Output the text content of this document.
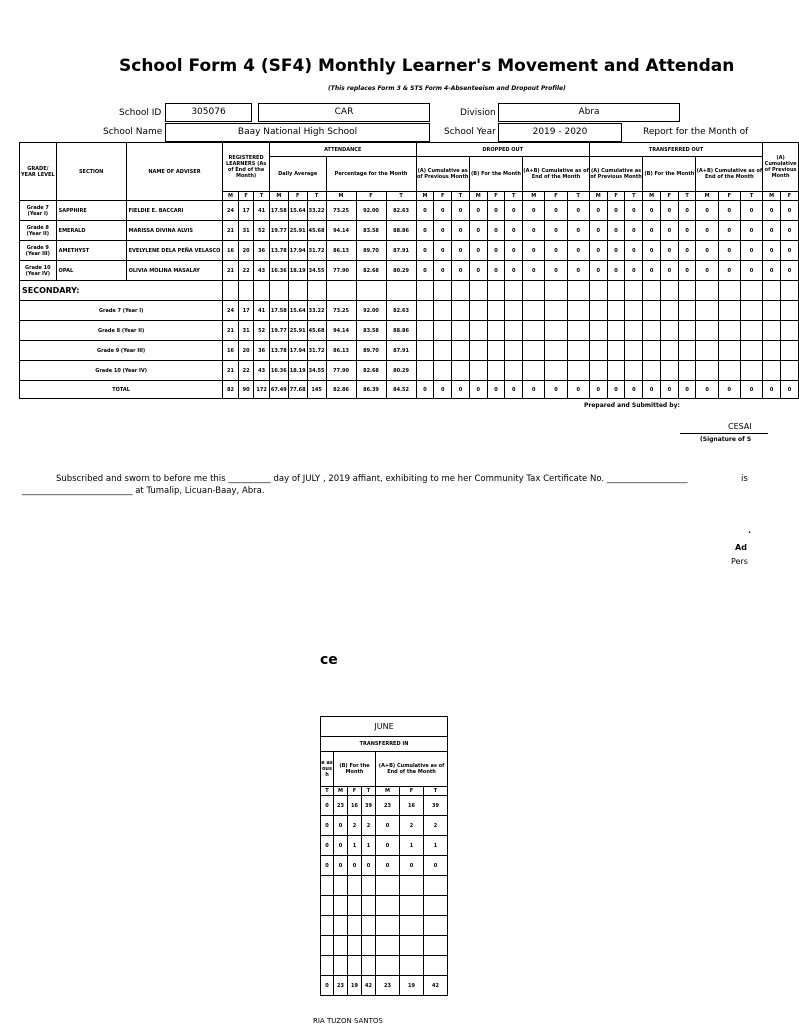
School Form 4 (SF4) Monthly Learner's Movement and Attendan
(This replaces Form 3 & STS Form 4-Absenteeism and Dropout Profile)
School ID	305076	CAR	Division	Abra
School Name	Baay National High School	School Year	2019 - 2020	Report for the Month of
GRADE/ YEAR LEVEL	SECTION	NAME OF ADVISER	REGISTERED LEARNERS (As of End of the Month)			ATTENDANCE						DROPPED OUT									TRANSFERRED OUT									(A) Cumulative of Previous Month	
						Daily Average			Percentage for the Month			(A) Cumulative as of Previous Month			(B) For the Month			(A+B) Cumulative as of End of the Month			(A) Cumulative as of Previous Month			(B) For the Month			(A+B) Cumulative as of End of the Month				
			M	F	T	M	F	T	M	F	T	M	F	T	M	F	T	M	F	T	M	F	T	M	F	T	M	F	T	M	F
Grade 7 (Year I)	SAPPHIRE	FIELDIE E. BACCARI	24	17	41	17.58	15.64	33.22	73.25	92.00	82.63	0	0	0	0	0	0	0	0	0	0	0	0	0	0	0	0	0	0	0	0
Grade 8 (Year II)	EMERALD	MARISSA DIVINA ALVIS	21	31	52	19.77	25.91	45.68	94.14	83.58	88.86	0	0	0	0	0	0	0	0	0	0	0	0	0	0	0	0	0	0	0	0
Grade 9 (Year III)	AMETHYST	EVELYLENE DELA PEÑA VELASCO	16	20	36	13.78	17.94	31.72	86.13	89.70	87.91	0	0	0	0	0	0	0	0	0	0	0	0	0	0	0	0	0	0	0	0
Grade 10 (Year IV)	OPAL	OLIVIA MOLINA MASALAY	21	22	43	16.36	18.19	34.55	77.90	82.68	80.29	0	0	0	0	0	0	0	0	0	0	0	0	0	0	0	0	0	0	0	0
SECONDARY:																															
Grade 7 (Year I)			24	17	41	17.58	15.64	33.22	73.25	92.00	82.63																				
Grade 8 (Year II)			21	31	52	19.77	25.91	45.68	94.14	83.58	88.86																				
Grade 9 (Year III)			16	20	36	13.78	17.94	31.72	86.13	89.70	87.91																				
Grade 10 (Year IV)			21	22	43	16.36	18.19	34.55	77.90	82.68	80.29																				
TOTAL			82	90	172	67.49	77.68	145	82.86	86.39	84.52	0	0	0	0	0	0	0	0	0	0	0	0	0	0	0	0	0	0	0	0
Prepared and Submitted by:
CESAI
(Signature of S
Subscribed and sworn to before me this __________ day of JULY , 2019 affiant, exhibiting to me her Community Tax Certificate No. ___________________	is
__________________________ at Tumalip, Licuan-Baay, Abra.
·
Ad
Pers
ce
JUNE						
TRANSFERRED IN						
e as ous h	(B) For the Month			(A+B) Cumulative as of End of the Month		
T	M	F	T	M	F	T
0	23	16	39	23	16	39
0	0	2	2	0	2	2
0	0	1	1	0	1	1
0	0	0	0	0	0	0

0	23	19	42	23	19	42
RIA TUZON SANTOS
